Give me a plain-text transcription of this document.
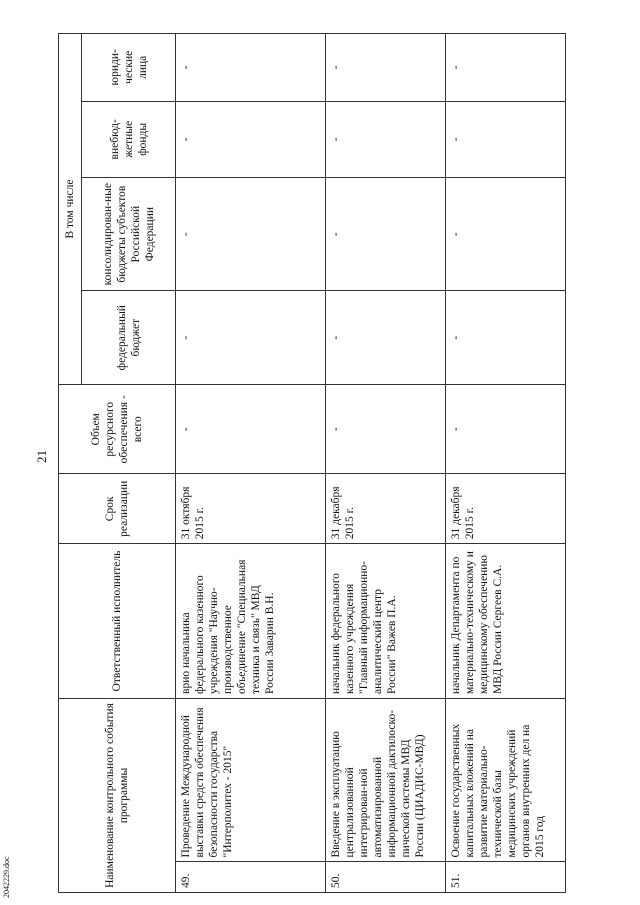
2042229.doc
21
Наименование контрольного события программы		Ответственный исполнитель	Срок реализации	Объем ресурсного обеспечения - всего	В том числе			
					федеральный бюджет	консолидирован-ные бюджеты субъектов Российской Федерации	внебюд-жетные фонды	юриди-ческие лица
49.	Проведение Международной выставки средств обеспечения безопасности государства "Интерполитех - 2015"	врио начальника федерального казенного учреждения "Научно-производственное объединение "Специальная техника и связь" МВД России Заварин В.Н.	31 октября 2015 г.	-	-	-	-	-
50.	Введение в эксплуатацию централизованной интегрирован-ной автоматизированной информационной дактилоско-пической системы МВД России (ЦИАДИС-МВД)	начальник федерального казенного учреждения "Главный информационно-аналитический центр России" Важев П.А.	31 декабря 2015 г.	-	-	-	-	-
51.	Освоение государственных капитальных вложений на развитие материально-технической базы медицинских учреждений органов внутренних дел на 2015 год	начальник Департамента по материально-техническому и медицинскому обеспечению МВД России Сергеев С.А.	31 декабря 2015 г.	-	-	-	-	-
